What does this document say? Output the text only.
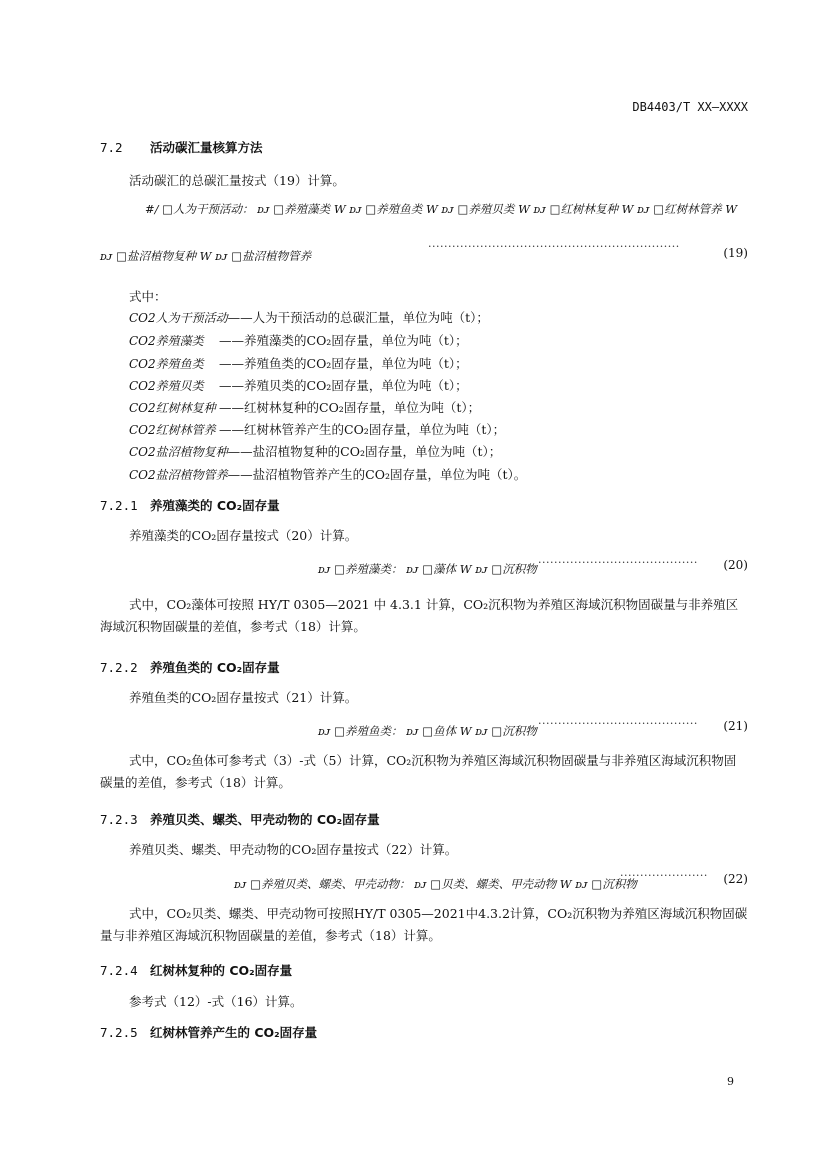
DB4403/T XX—XXXX
7.2 活动碳汇量核算方法
活动碳汇的总碳汇量按式（19）计算。
#/ □人为干预活动： ᴅᴊ □养殖藻类 W ᴅᴊ □养殖鱼类 W ᴅᴊ □养殖贝类 W ᴅᴊ □红树林复种 W ᴅᴊ □红树林管养 W
ᴅᴊ □盐沼植物复种 W ᴅᴊ □盐沼植物管养
·······························································	(19)
式中：
CO2人为干预活动——人为干预活动的总碳汇量，单位为吨（t）；
CO2养殖藻类 ——养殖藻类的CO₂固存量，单位为吨（t）；
CO2养殖鱼类 ——养殖鱼类的CO₂固存量，单位为吨（t）；
CO2养殖贝类 ——养殖贝类的CO₂固存量，单位为吨（t）；
CO2红树林复种 ——红树林复种的CO₂固存量，单位为吨（t）；
CO2红树林管养 ——红树林管养产生的CO₂固存量，单位为吨（t）；
CO2盐沼植物复种——盐沼植物复种的CO₂固存量，单位为吨（t）；
CO2盐沼植物管养——盐沼植物管养产生的CO₂固存量，单位为吨（t）。
7.2.1 养殖藻类的 CO₂固存量
养殖藻类的CO₂固存量按式（20）计算。
ᴅᴊ □养殖藻类： ᴅᴊ □藻体 W ᴅᴊ □沉积物 ········································ (20)
式中，CO₂藻体可按照 HY/T 0305—2021 中 4.3.1 计算，CO₂沉积物为养殖区海域沉积物固碳量与非养殖区海域沉积物固碳量的差值，参考式（18）计算。
7.2.2 养殖鱼类的 CO₂固存量
养殖鱼类的CO₂固存量按式（21）计算。
ᴅᴊ □养殖鱼类： ᴅᴊ □鱼体 W ᴅᴊ □沉积物
········································ (21)
式中，CO₂鱼体可参考式（3）-式（5）计算，CO₂沉积物为养殖区海域沉积物固碳量与非养殖区海域沉积物固碳量的差值，参考式（18）计算。
7.2.3 养殖贝类、螺类、甲壳动物的 CO₂固存量
养殖贝类、螺类、甲壳动物的CO₂固存量按式（22）计算。
ᴅᴊ □养殖贝类、螺类、甲壳动物： ᴅᴊ □贝类、螺类、甲壳动物 W ᴅᴊ □沉积物
······················ (22)
式中，CO₂贝类、螺类、甲壳动物可按照HY/T 0305—2021中4.3.2计算，CO₂沉积物为养殖区海域沉积物固碳量与非养殖区海域沉积物固碳量的差值，参考式（18）计算。
7.2.4 红树林复种的 CO₂固存量
参考式（12）-式（16）计算。
7.2.5 红树林管养产生的 CO₂固存量
9
